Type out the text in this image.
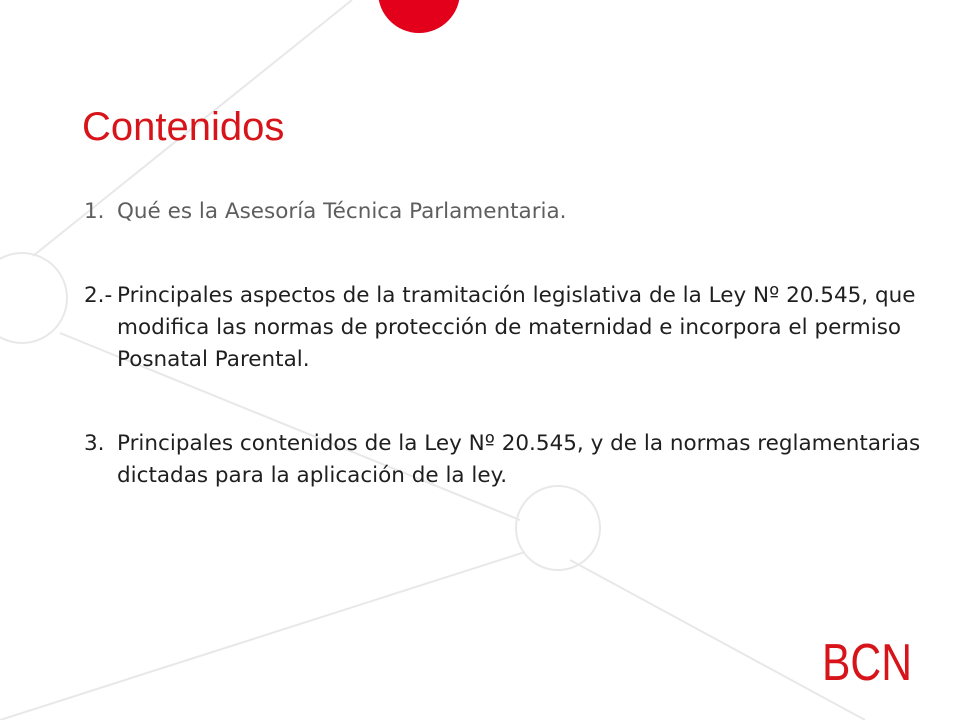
Contenidos
1. Qué es la Asesoría Técnica Parlamentaria.
2.- Principales aspectos de la tramitación legislativa de la Ley Nº 20.545, que modifica las normas de protección de maternidad e incorpora el permiso Posnatal Parental.
3. Principales contenidos de la Ley Nº 20.545, y de la normas reglamentarias dictadas para la aplicación de la ley.
BCN
